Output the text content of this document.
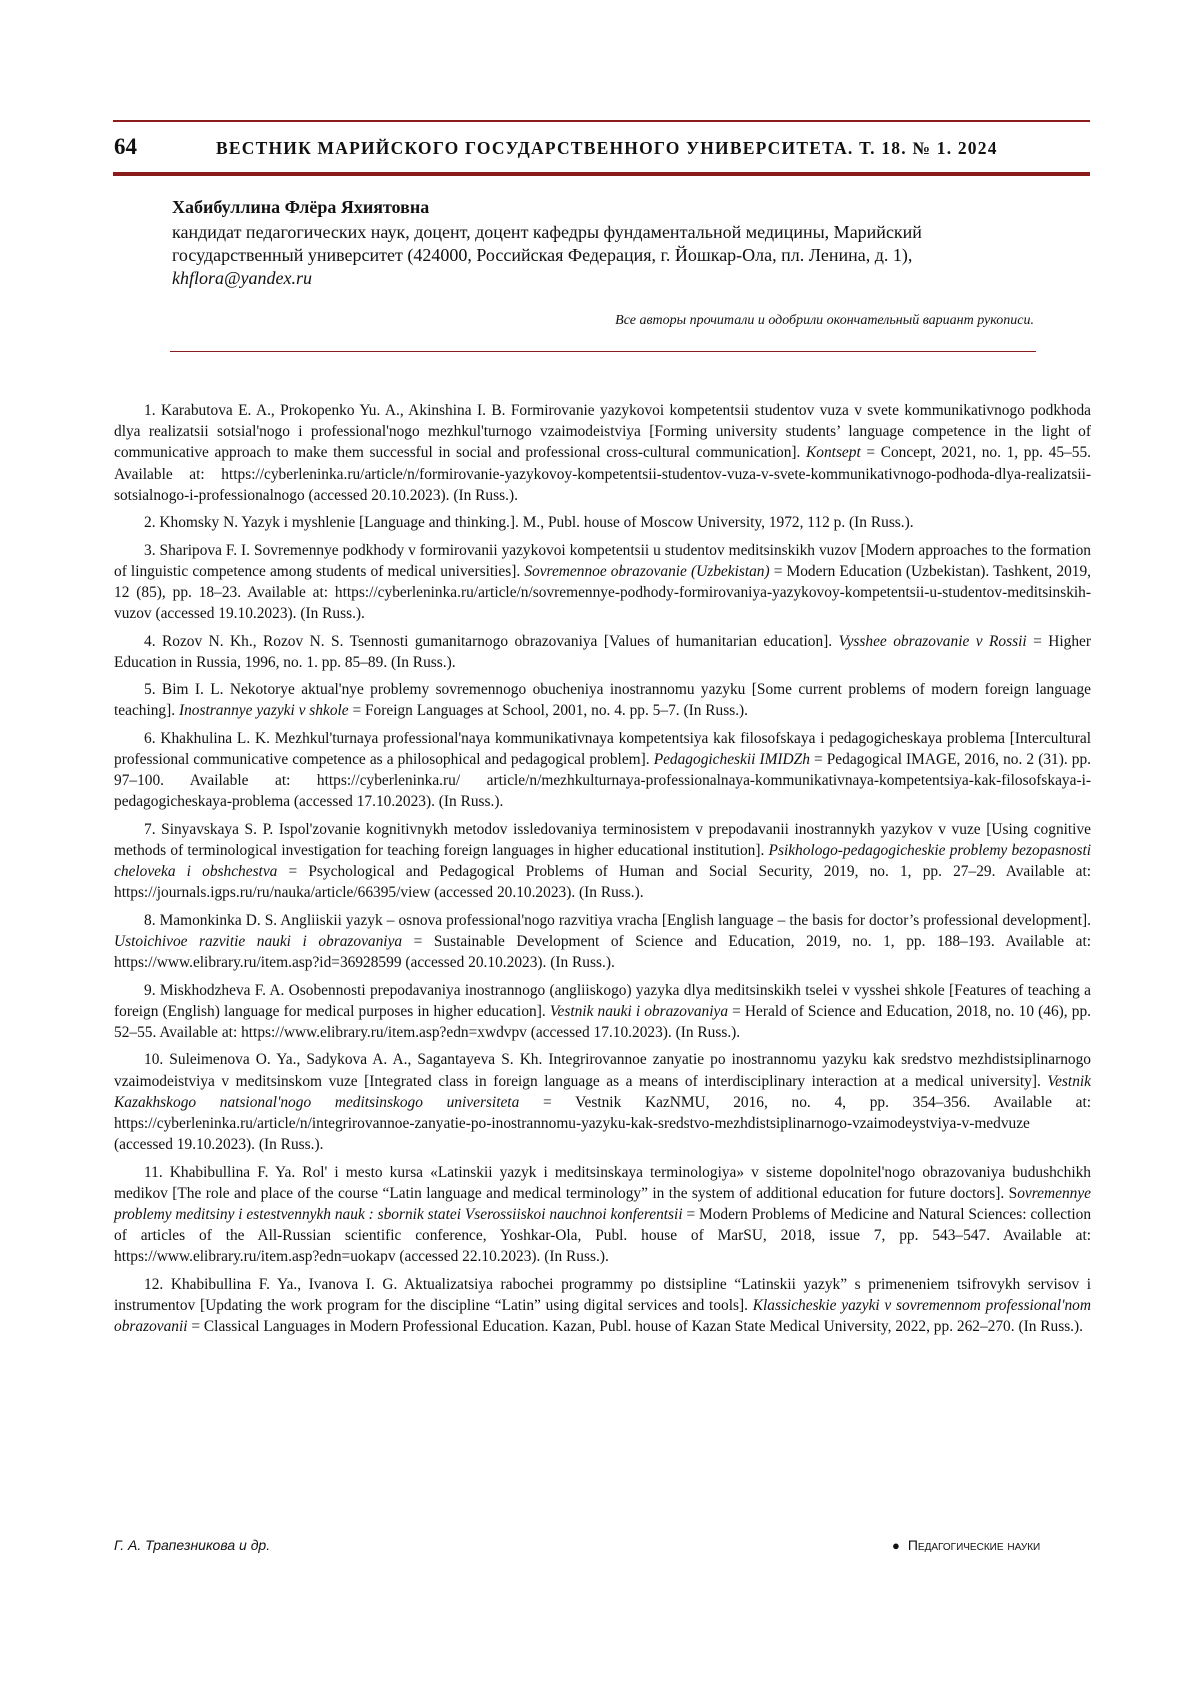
64	ВЕСТНИК МАРИЙСКОГО ГОСУДАРСТВЕННОГО УНИВЕРСИТЕТА. Т. 18. № 1. 2024
Хабибуллина Флёра Яхиятовна
кандидат педагогических наук, доцент, доцент кафедры фундаментальной медицины, Марийский государственный университет (424000, Российская Федерация, г. Йошкар-Ола, пл. Ленина, д. 1),
khflora@yandex.ru
Все авторы прочитали и одобрили окончательный вариант рукописи.

1. Karabutova E. A., Prokopenko Yu. A., Akinshina I. B. Formirovanie yazykovoi kompetentsii studentov vuza v svete kommunikativnogo podkhoda dlya realizatsii sotsial'nogo i professional'nogo mezhkul'turnogo vzaimodeistviya [Forming university students’ language competence in the light of communicative approach to make them successful in social and professional cross-cultural communication]. Kontsept = Concept, 2021, no. 1, pp. 45–55. Available at: https://cyberleninka.ru/article/n/formirovanie-yazykovoy-kompetentsii-studentov-vuza-v-svete-kommunikativnogo-podhoda-dlya-realizatsii-sotsialnogo-i-professionalnogo (accessed 20.10.2023). (In Russ.).

2. Khomsky N. Yazyk i myshlenie [Language and thinking.]. M., Publ. house of Moscow University, 1972, 112 p. (In Russ.).

3. Sharipova F. I. Sovremennye podkhody v formirovanii yazykovoi kompetentsii u studentov meditsinskikh vuzov [Modern approaches to the formation of linguistic competence among students of medical universities]. Sovremennoe obrazovanie (Uzbekistan) = Modern Education (Uzbekistan). Tashkent, 2019, 12 (85), pp. 18–23. Available at: https://cyberleninka.ru/article/n/sovremennye-podhody-formirovaniya-yazykovoy-kompetentsii-u-studentov-meditsinskih-vuzov (accessed 19.10.2023). (In Russ.).

4. Rozov N. Kh., Rozov N. S. Tsennosti gumanitarnogo obrazovaniya [Values of humanitarian education]. Vysshee obrazovanie v Rossii = Higher Education in Russia, 1996, no. 1. pp. 85–89. (In Russ.).

5. Bim I. L. Nekotorye aktual'nye problemy sovremennogo obucheniya inostrannomu yazyku [Some current problems of modern foreign language teaching]. Inostrannye yazyki v shkole = Foreign Languages at School, 2001, no. 4. pp. 5–7. (In Russ.).

6. Khakhulina L. K. Mezhkul'turnaya professional'naya kommunikativnaya kompetentsiya kak filosofskaya i pedagogicheskaya problema [Intercultural professional communicative competence as a philosophical and pedagogical problem]. Pedagogicheskii IMIDZh = Pedagogical IMAGE, 2016, no. 2 (31). pp. 97–100. Available at: https://cyberleninka.ru/ article/n/mezhkulturnaya-professionalnaya-kommunikativnaya-kompetentsiya-kak-filosofskaya-i-pedagogicheskaya-problema (accessed 17.10.2023). (In Russ.).

7. Sinyavskaya S. P. Ispol'zovanie kognitivnykh metodov issledovaniya terminosistem v prepodavanii inostrannykh yazykov v vuze [Using cognitive methods of terminological investigation for teaching foreign languages in higher educational institution]. Psikhologo-pedagogicheskie problemy bezopasnosti cheloveka i obshchestva = Psychological and Pedagogical Problems of Human and Social Security, 2019, no. 1, pp. 27–29. Available at: https://journals.igps.ru/ru/nauka/article/66395/view (accessed 20.10.2023). (In Russ.).

8. Mamonkinka D. S. Angliiskii yazyk – osnova professional'nogo razvitiya vracha [English language – the basis for doctor’s professional development]. Ustoichivoe razvitie nauki i obrazovaniya = Sustainable Development of Science and Education, 2019, no. 1, pp. 188–193. Available at: https://www.elibrary.ru/item.asp?id=36928599 (accessed 20.10.2023). (In Russ.).

9. Miskhodzheva F. A. Osobennosti prepodavaniya inostrannogo (angliiskogo) yazyka dlya meditsinskikh tselei v vysshei shkole [Features of teaching a foreign (English) language for medical purposes in higher education]. Vestnik nauki i obrazovaniya = Herald of Science and Education, 2018, no. 10 (46), pp. 52–55. Available at: https://www.elibrary.ru/item.asp?edn=xwdvpv (accessed 17.10.2023). (In Russ.).

10. Suleimenova O. Ya., Sadykova A. A., Sagantayeva S. Kh. Integrirovannoe zanyatie po inostrannomu yazyku kak sredstvo mezhdistsiplinarnogo vzaimodeistviya v meditsinskom vuze [Integrated class in foreign language as a means of interdisciplinary interaction at a medical university]. Vestnik Kazakhskogo natsional'nogo meditsinskogo universiteta = Vestnik KazNMU, 2016, no. 4, pp. 354–356. Available at: https://cyberleninka.ru/article/n/integrirovannoe-zanyatie-po-inostrannomu-yazyku-kak-sredstvo-mezhdistsiplinarnogo-vzaimodeystviya-v-medvuze (accessed 19.10.2023). (In Russ.).

11. Khabibullina F. Ya. Rol' i mesto kursa «Latinskii yazyk i meditsinskaya terminologiya» v sisteme dopolnitel'nogo obrazovaniya budushchikh medikov [The role and place of the course “Latin language and medical terminology” in the system of additional education for future doctors]. Sovremennye problemy meditsiny i estestvennykh nauk : sbornik statei Vserossiiskoi nauchnoi konferentsii = Modern Problems of Medicine and Natural Sciences: collection of articles of the All-Russian scientific conference, Yoshkar-Ola, Publ. house of MarSU, 2018, issue 7, pp. 543–547. Available at: https://www.elibrary.ru/item.asp?edn=uokapv (accessed 22.10.2023). (In Russ.).

12. Khabibullina F. Ya., Ivanova I. G. Aktualizatsiya rabochei programmy po distsipline “Latinskii yazyk” s primeneniem tsifrovykh servisov i instrumentov [Updating the work program for the discipline “Latin” using digital services and tools]. Klassicheskie yazyki v sovremennom professional'nom obrazovanii = Classical Languages in Modern Professional Education. Kazan, Publ. house of Kazan State Medical University, 2022, pp. 262–270. (In Russ.).

Г. А. Трапезникова и др.	● Педагогические науки
